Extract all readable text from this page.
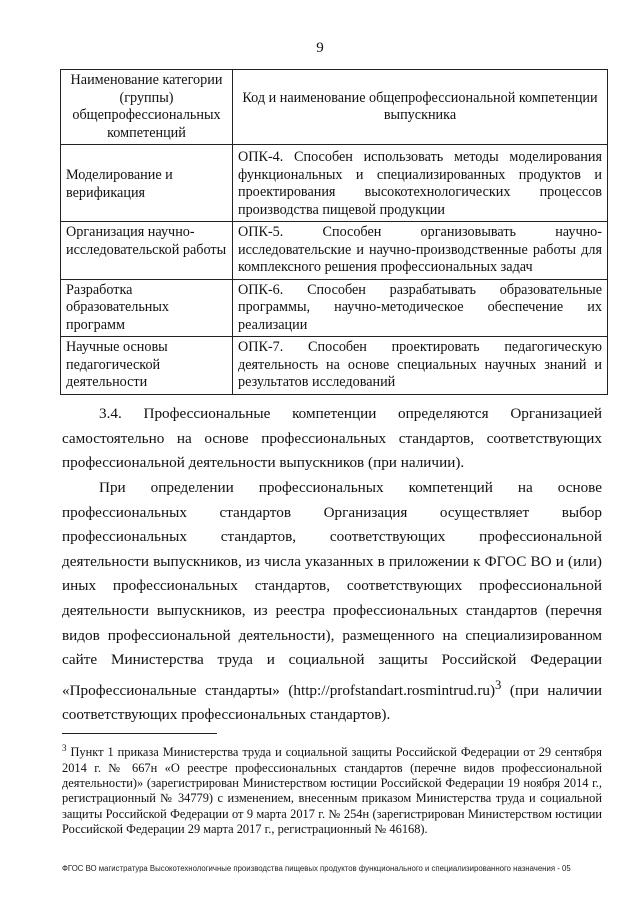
9
Наименование категории (группы) общепрофессиональных компетенций	Код и наименование общепрофессиональной компетенции выпускника
Моделирование и верификация	ОПК-4. Способен использовать методы моделирования функциональных и специализированных продуктов и проектирования высокотехнологических процессов производства пищевой продукции
Организация научно-исследовательской работы	ОПК-5. Способен организовывать научно-исследовательские и научно-производственные работы для комплексного решения профессиональных задач
Разработка образовательных программ	ОПК-6. Способен разрабатывать образовательные программы, научно-методическое обеспечение их реализации
Научные основы педагогической деятельности	ОПК-7. Способен проектировать педагогическую деятельность на основе специальных научных знаний и результатов исследований

3.4. Профессиональные компетенции определяются Организацией самостоятельно на основе профессиональных стандартов, соответствующих профессиональной деятельности выпускников (при наличии).

При определении профессиональных компетенций на основе профессиональных стандартов Организация осуществляет выбор профессиональных стандартов, соответствующих профессиональной деятельности выпускников, из числа указанных в приложении к ФГОС ВО и (или) иных профессиональных стандартов, соответствующих профессиональной деятельности выпускников, из реестра профессиональных стандартов (перечня видов профессиональной деятельности), размещенного на специализированном сайте Министерства труда и социальной защиты Российской Федерации «Профессиональные стандарты» (http://profstandart.rosmintrud.ru)$^3$ (при наличии соответствующих профессиональных стандартов).

$^3$ Пункт 1 приказа Министерства труда и социальной защиты Российской Федерации от 29 сентября 2014 г. № 667н «О реестре профессиональных стандартов (перечне видов профессиональной деятельности)» (зарегистрирован Министерством юстиции Российской Федерации 19 ноября 2014 г., регистрационный № 34779) с изменением, внесенным приказом Министерства труда и социальной защиты Российской Федерации от 9 марта 2017 г. № 254н (зарегистрирован Министерством юстиции Российской Федерации 29 марта 2017 г., регистрационный № 46168).
ФГОС ВО магистратура Высокотехнологичные производства пищевых продуктов функционального и специализированного назначения - 05
